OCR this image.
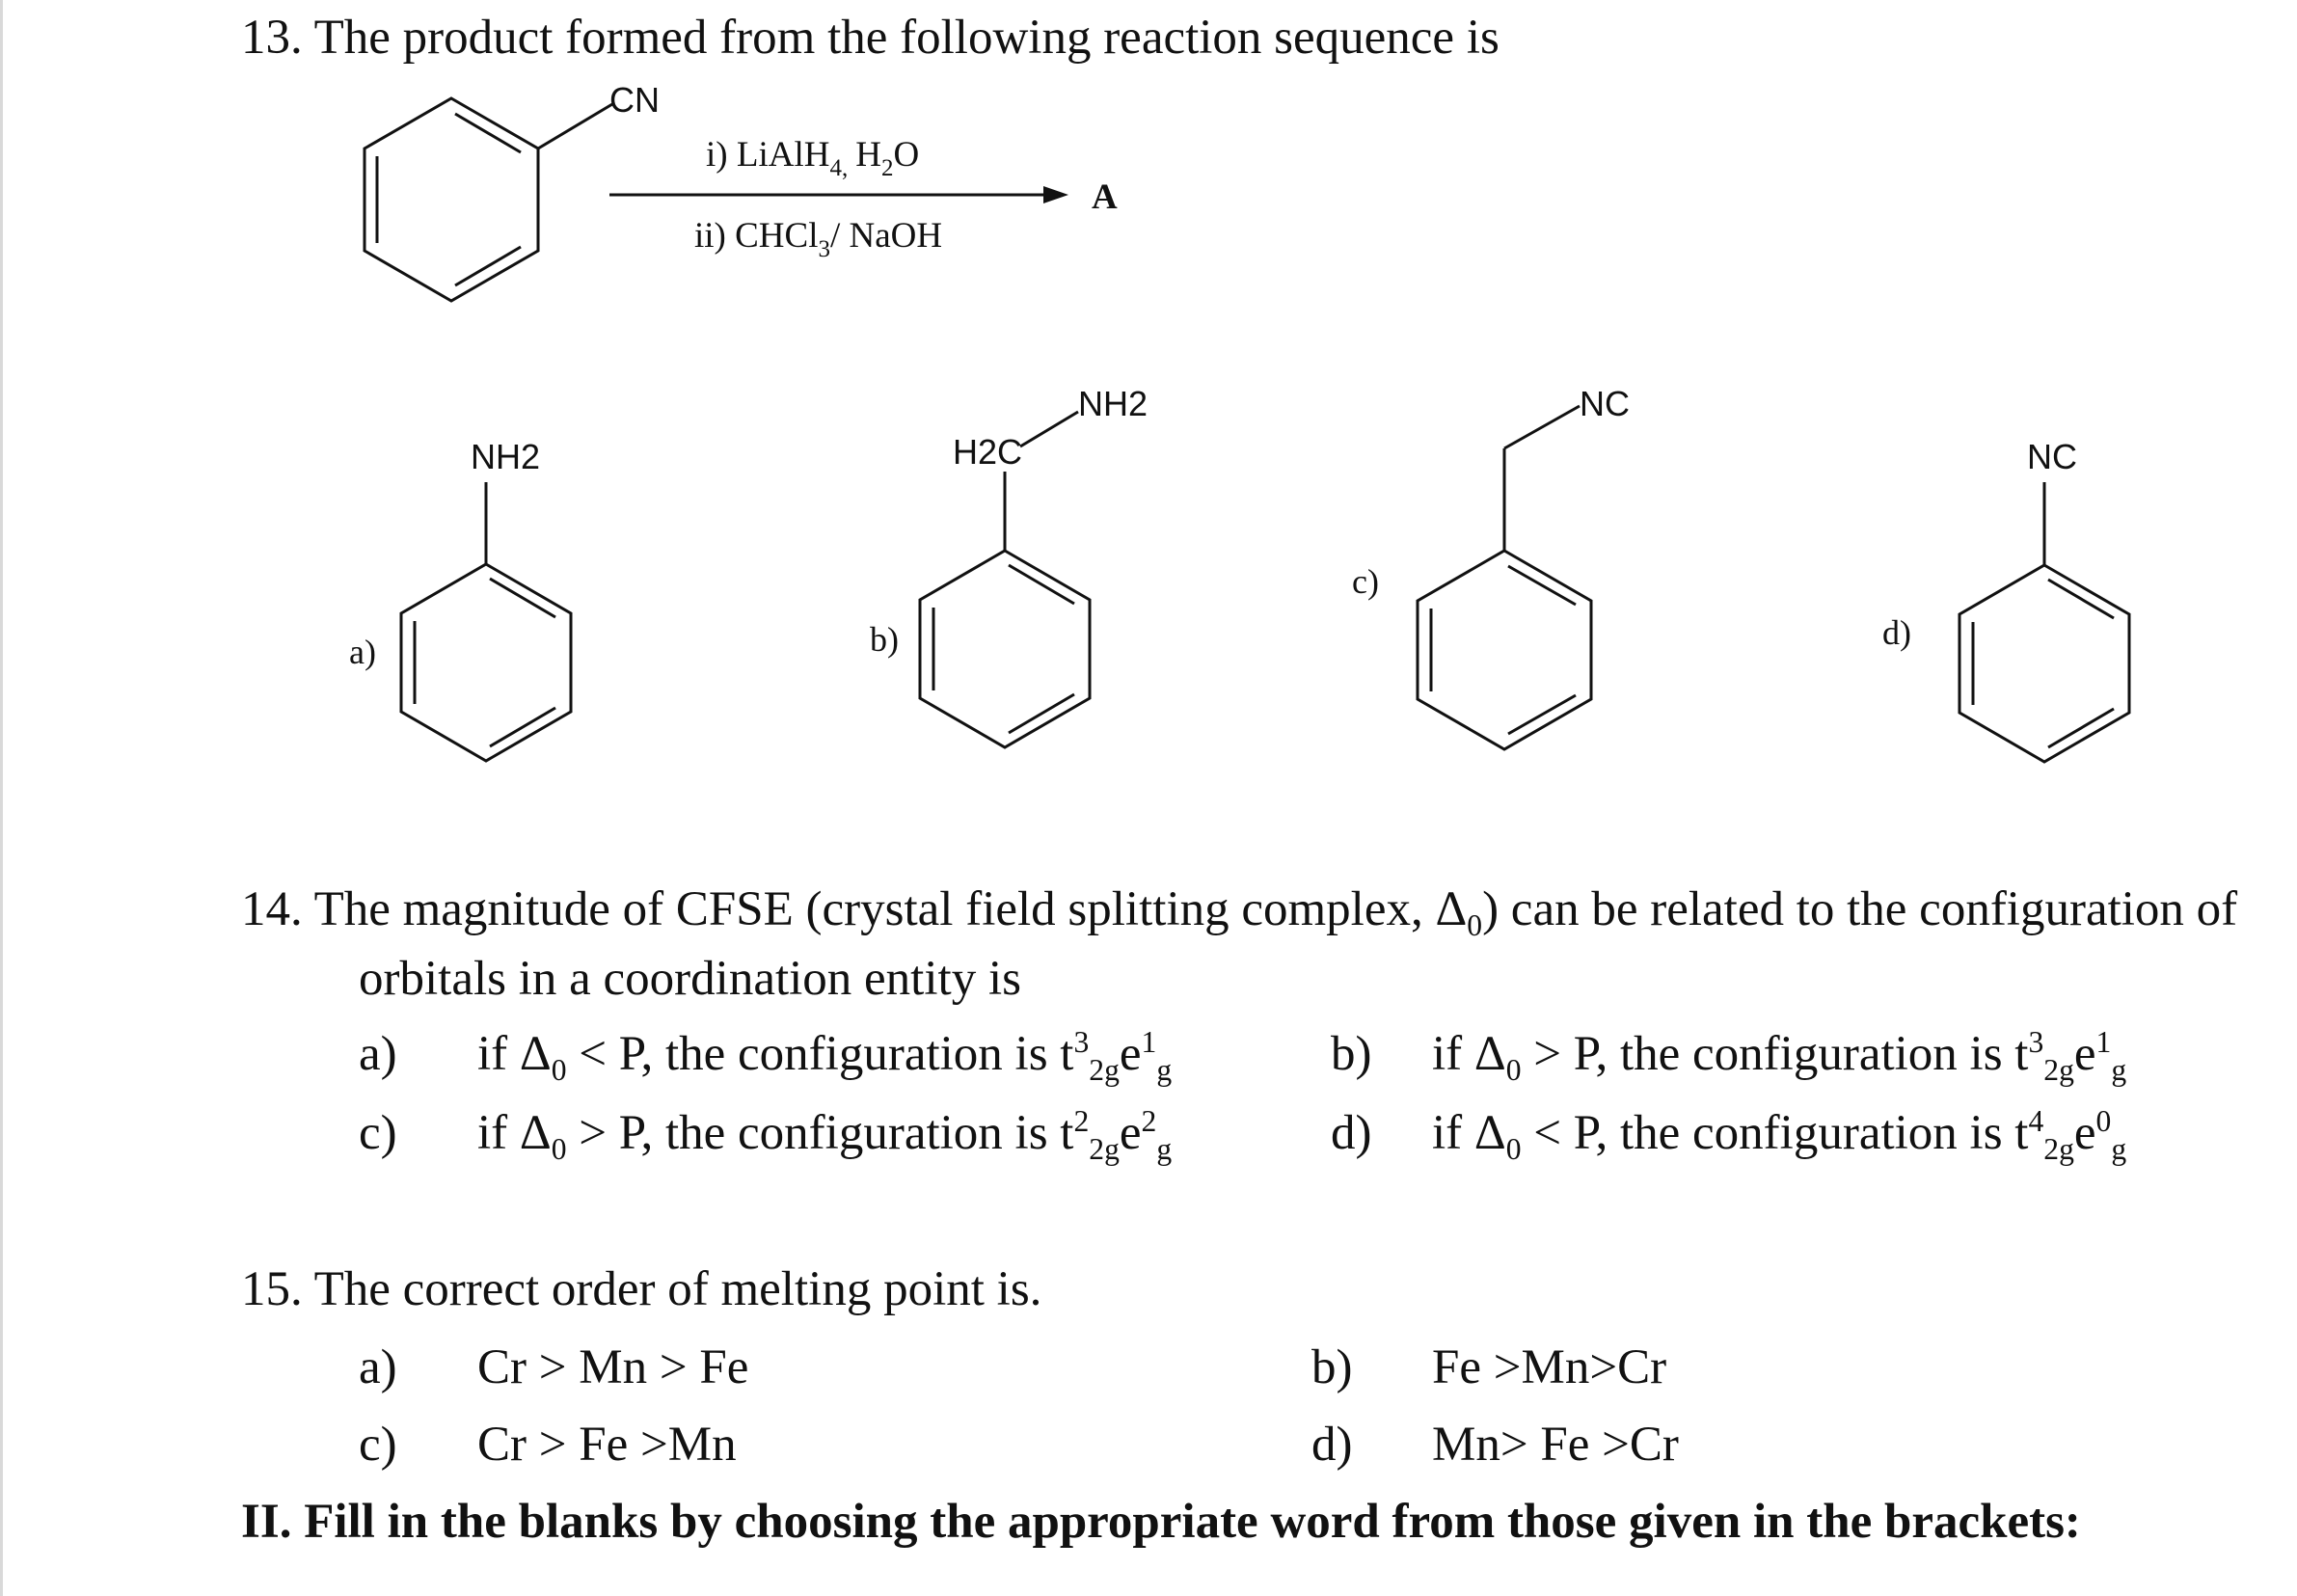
13. The product formed from the following reaction sequence is
CN
i) LiAlH$_{4,}$ $H_2O$
ii) CHCl$_3$/ NaOH
A
a)
NH2
b)
NH2
H2C
c)
NC
d)
NC
14. The magnitude of CFSE (crystal field splitting complex, $\Delta_0$) can be related to the configuration of
orbitals in a coordination entity is
a) if $\Delta_0 < P$, the configuration is $t^3_{2g}e^1_g$	b) if $\Delta_0 > P$, the configuration is $t^3_{2g}e^1_g$
c) if $\Delta_0 > P$, the configuration is $t^2_{2g}e^2_g$	d) if $\Delta_0 < P$, the configuration is $t^4_{2g}e^0_g$
15. The correct order of melting point is.
a) Cr > Mn > Fe	b) Fe >Mn>Cr
c) Cr > Fe >Mn	d) Mn> Fe >Cr
II. Fill in the blanks by choosing the appropriate word from those given in the brackets:
